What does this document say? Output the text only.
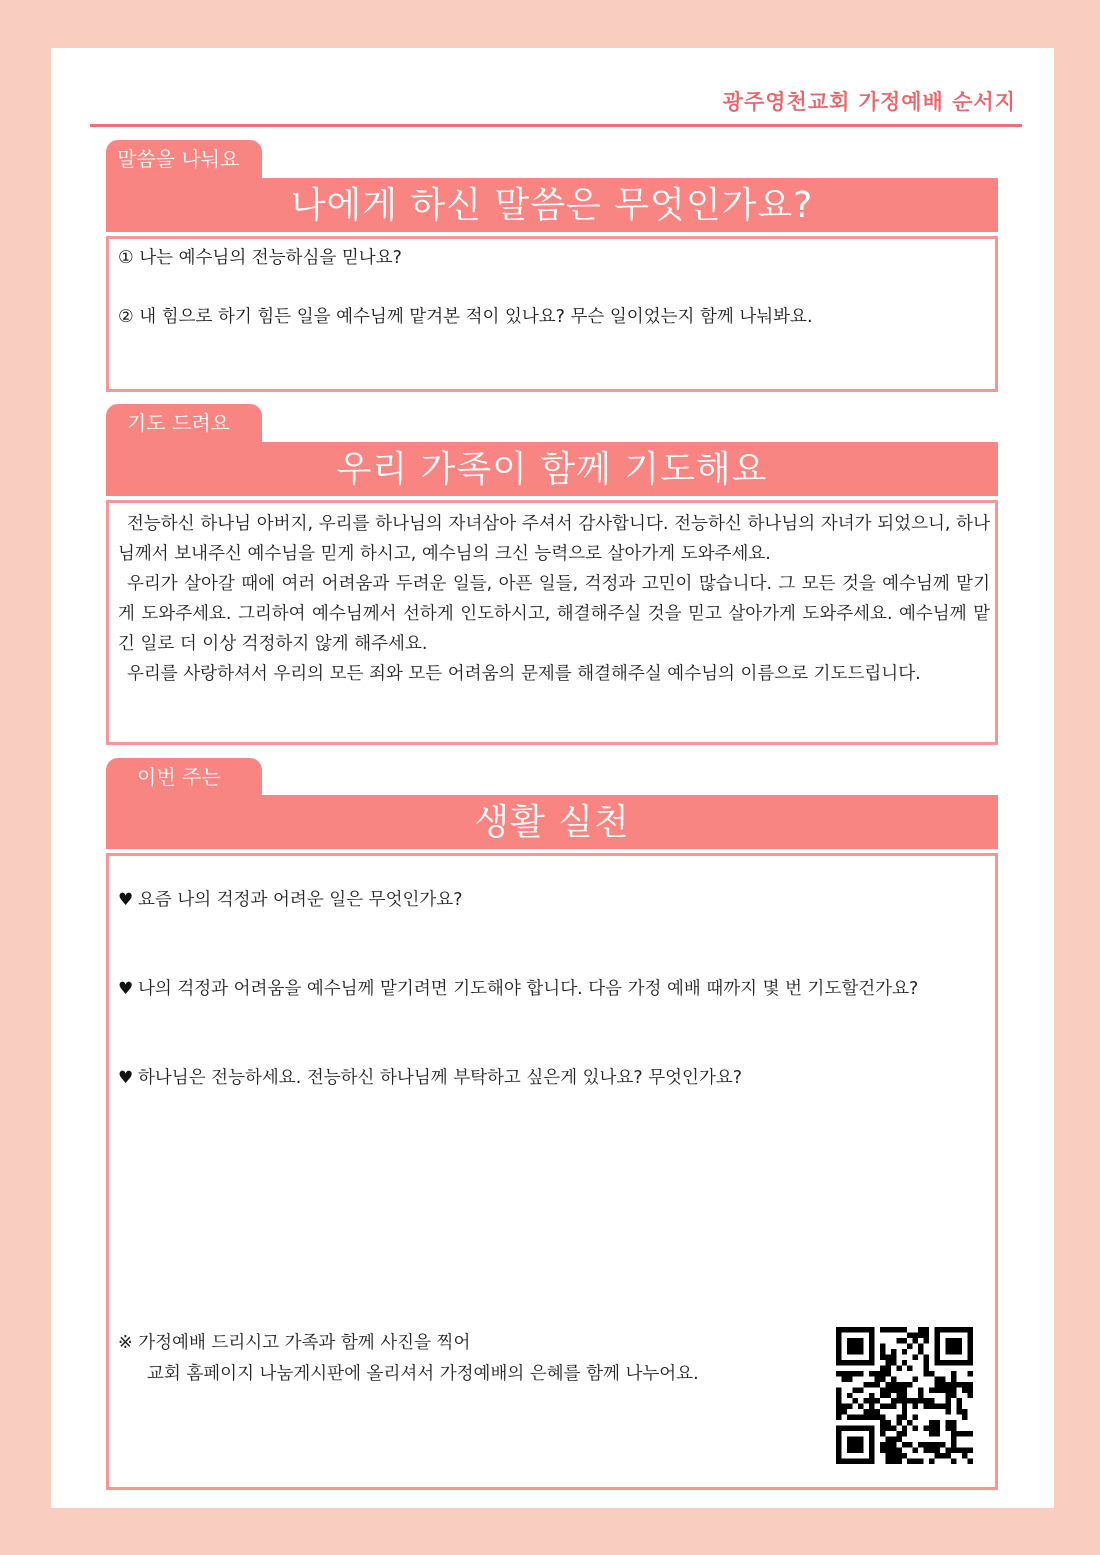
광주영천교회 가정예배 순서지
말씀을 나눠요
나에게 하신 말씀은 무엇인가요?
① 나는 예수님의 전능하심을 믿나요?
② 내 힘으로 하기 힘든 일을 예수님께 맡겨본 적이 있나요? 무슨 일이었는지 함께 나눠봐요.
기도 드려요
우리 가족이 함께 기도해요

전능하신 하나님 아버지, 우리를 하나님의 자녀삼아 주셔서 감사합니다. 전능하신 하나님의 자녀가 되었으니, 하나님께서 보내주신 예수님을 믿게 하시고, 예수님의 크신 능력으로 살아가게 도와주세요.

우리가 살아갈 때에 여러 어려움과 두려운 일들, 아픈 일들, 걱정과 고민이 많습니다. 그 모든 것을 예수님께 맡기게 도와주세요. 그리하여 예수님께서 선하게 인도하시고, 해결해주실 것을 믿고 살아가게 도와주세요. 예수님께 맡긴 일로 더 이상 걱정하지 않게 해주세요.

우리를 사랑하셔서 우리의 모든 죄와 모든 어려움의 문제를 해결해주실 예수님의 이름으로 기도드립니다.

이번 주는
생활 실천
♥ 요즘 나의 걱정과 어려운 일은 무엇인가요?
♥ 나의 걱정과 어려움을 예수님께 맡기려면 기도해야 합니다. 다음 가정 예배 때까지 몇 번 기도할건가요?
♥ 하나님은 전능하세요. 전능하신 하나님께 부탁하고 싶은게 있나요? 무엇인가요?
※ 가정예배 드리시고 가족과 함께 사진을 찍어
교회 홈페이지 나눔게시판에 올리셔서 가정예배의 은혜를 함께 나누어요.
